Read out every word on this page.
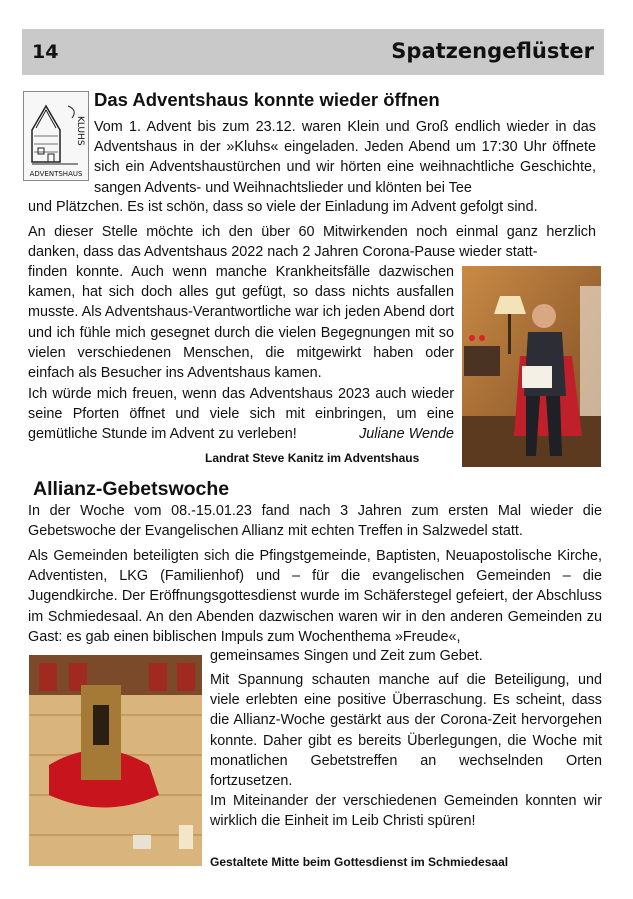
14	Spatzengeflüster
KLUHS
ADVENTSHAUS
Das Adventshaus konnte wieder öffnen

Vom 1. Advent bis zum 23.12. waren Klein und Groß endlich wieder in das Adventshaus in der »Kluhs« eingeladen. Jeden Abend um 17:30 Uhr öffnete sich ein Adventshaustürchen und wir hörten eine weihnachtliche Geschichte, sangen Advents- und Weihnachtslieder und klönten bei Tee

und Plätzchen. Es ist schön, dass so viele der Einladung im Advent gefolgt sind.

An dieser Stelle möchte ich den über 60 Mitwirkenden noch einmal ganz herzlich danken, dass das Adventshaus 2022 nach 2 Jahren Corona-Pause wieder statt-

finden konnte. Auch wenn manche Krankheitsfälle dazwischen kamen, hat sich doch alles gut gefügt, so dass nichts ausfallen musste. Als Adventshaus-Verantwortliche war ich jeden Abend dort und ich fühle mich gesegnet durch die vielen Begegnungen mit so vielen verschiedenen Menschen, die mitgewirkt haben oder einfach als Besucher ins Adventshaus kamen.

Ich würde mich freuen, wenn das Adventshaus 2023 auch wieder seine Pforten öffnet und viele sich mit einbringen, um eine gemütliche Stunde im Advent zu verleben!	Juliane Wende

Landrat Steve Kanitz im Adventshaus
Allianz-Gebetswoche

In der Woche vom 08.-15.01.23 fand nach 3 Jahren zum ersten Mal wieder die Gebetswoche der Evangelischen Allianz mit echten Treffen in Salzwedel statt.

Als Gemeinden beteiligten sich die Pfingstgemeinde, Baptisten, Neuapostolische Kirche, Adventisten, LKG (Familienhof) und – für die evangelischen Gemeinden – die Jugendkirche. Der Eröffnungsgottesdienst wurde im Schäferstegel gefeiert, der Abschluss im Schmiedesaal. An den Abenden dazwischen waren wir in den anderen Gemeinden zu Gast: es gab einen biblischen Impuls zum Wochenthema »Freude«,

gemeinsames Singen und Zeit zum Gebet.

Mit Spannung schauten manche auf die Beteiligung, und viele erlebten eine positive Überraschung. Es scheint, dass die Allianz-Woche gestärkt aus der Corona-Zeit hervorgehen konnte. Daher gibt es bereits Überlegungen, die Woche mit monatlichen Gebetstreffen an wechselnden Orten fortzusetzen.

Im Miteinander der verschiedenen Gemeinden konnten wir wirklich die Einheit im Leib Christi spüren!

Gestaltete Mitte beim Gottesdienst im Schmiedesaal
